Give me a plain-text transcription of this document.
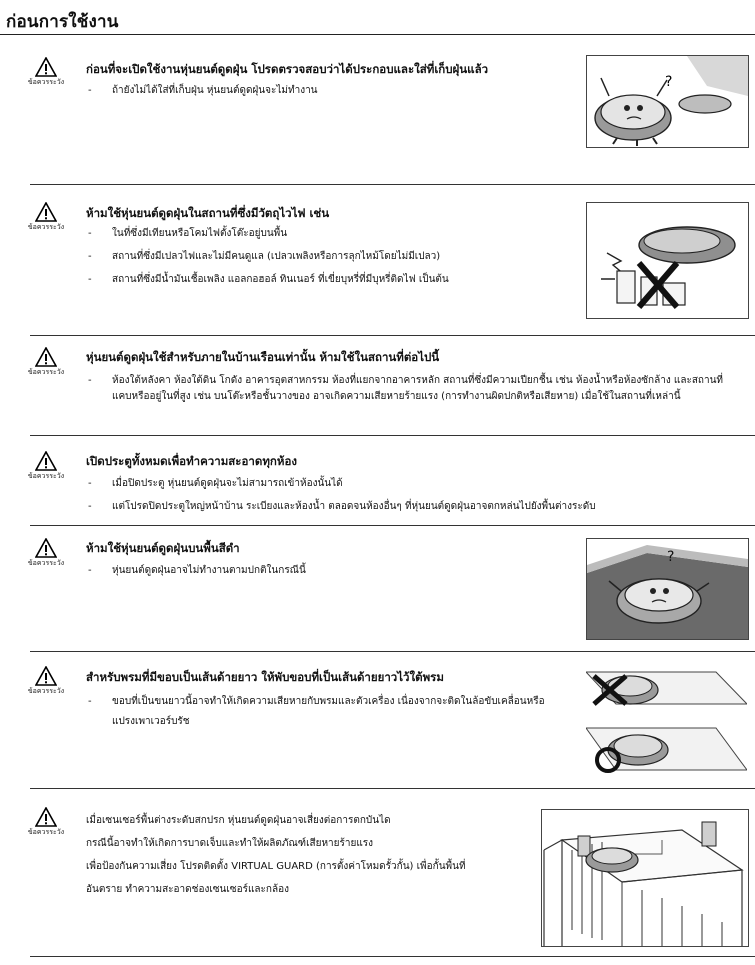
ก่อนการใช้งาน
ข้อควรระวัง
ก่อนที่จะเปิดใช้งานหุ่นยนต์ดูดฝุ่น โปรดตรวจสอบว่าได้ประกอบและใส่ที่เก็บฝุ่นแล้ว
- ถ้ายังไม่ได้ใส่ที่เก็บฝุ่น หุ่นยนต์ดูดฝุ่นจะไม่ทำงาน
?
ข้อควรระวัง
ห้ามใช้หุ่นยนต์ดูดฝุ่นในสถานที่ซึ่งมีวัตถุไวไฟ เช่น
- ในที่ซึ่งมีเทียนหรือโคมไฟตั้งโต๊ะอยู่บนพื้น
- สถานที่ซึ่งมีเปลวไฟและไม่มีคนดูแล (เปลวเพลิงหรือการลุกไหม้โดยไม่มีเปลว)
- สถานที่ซึ่งมีน้ำมันเชื้อเพลิง แอลกอฮอล์ ทินเนอร์ ที่เขี่ยบุหรี่ที่มีบุหรี่ติดไฟ เป็นต้น
ข้อควรระวัง
หุ่นยนต์ดูดฝุ่นใช้สำหรับภายในบ้านเรือนเท่านั้น ห้ามใช้ในสถานที่ต่อไปนี้
- ห้องใต้หลังคา ห้องใต้ดิน โกดัง อาคารอุตสาหกรรม ห้องที่แยกจากอาคารหลัก สถานที่ซึ่งมีความเปียกชื้น เช่น ห้องน้ำหรือห้องซักล้าง และสถานที่แคบหรืออยู่ในที่สูง เช่น บนโต๊ะหรือชั้นวางของ อาจเกิดความเสียหายร้ายแรง (การทำงานผิดปกติหรือเสียหาย) เมื่อใช้ในสถานที่เหล่านี้
ข้อควรระวัง
เปิดประตูทั้งหมดเพื่อทำความสะอาดทุกห้อง
- เมื่อปิดประตู หุ่นยนต์ดูดฝุ่นจะไม่สามารถเข้าห้องนั้นได้
- แต่โปรดปิดประตูใหญ่หน้าบ้าน ระเบียงและห้องน้ำ ตลอดจนห้องอื่นๆ ที่หุ่นยนต์ดูดฝุ่นอาจตกหล่นไปยังพื้นต่างระดับ
ข้อควรระวัง
ห้ามใช้หุ่นยนต์ดูดฝุ่นบนพื้นสีดำ
- หุ่นยนต์ดูดฝุ่นอาจไม่ทำงานตามปกติในกรณีนี้
?
ข้อควรระวัง
สำหรับพรมที่มีขอบเป็นเส้นด้ายยาว ให้พับขอบที่เป็นเส้นด้ายยาวไว้ใต้พรม
- ขอบที่เป็นขนยาวนี้อาจทำให้เกิดความเสียหายกับพรมและตัวเครื่อง เนื่องจากจะติดในล้อขับเคลื่อนหรือแปรงเพาเวอร์บรัช
ข้อควรระวัง
เมื่อเซนเซอร์พื้นต่างระดับสกปรก หุ่นยนต์ดูดฝุ่นอาจเสี่ยงต่อการตกบันได
กรณีนี้อาจทำให้เกิดการบาดเจ็บและทำให้ผลิตภัณฑ์เสียหายร้ายแรง
เพื่อป้องกันความเสี่ยง โปรดติดตั้ง VIRTUAL GUARD (การตั้งค่าโหมดรั้วกั้น) เพื่อกั้นพื้นที่
อันตราย ทำความสะอาดช่องเซนเซอร์และกล้อง
